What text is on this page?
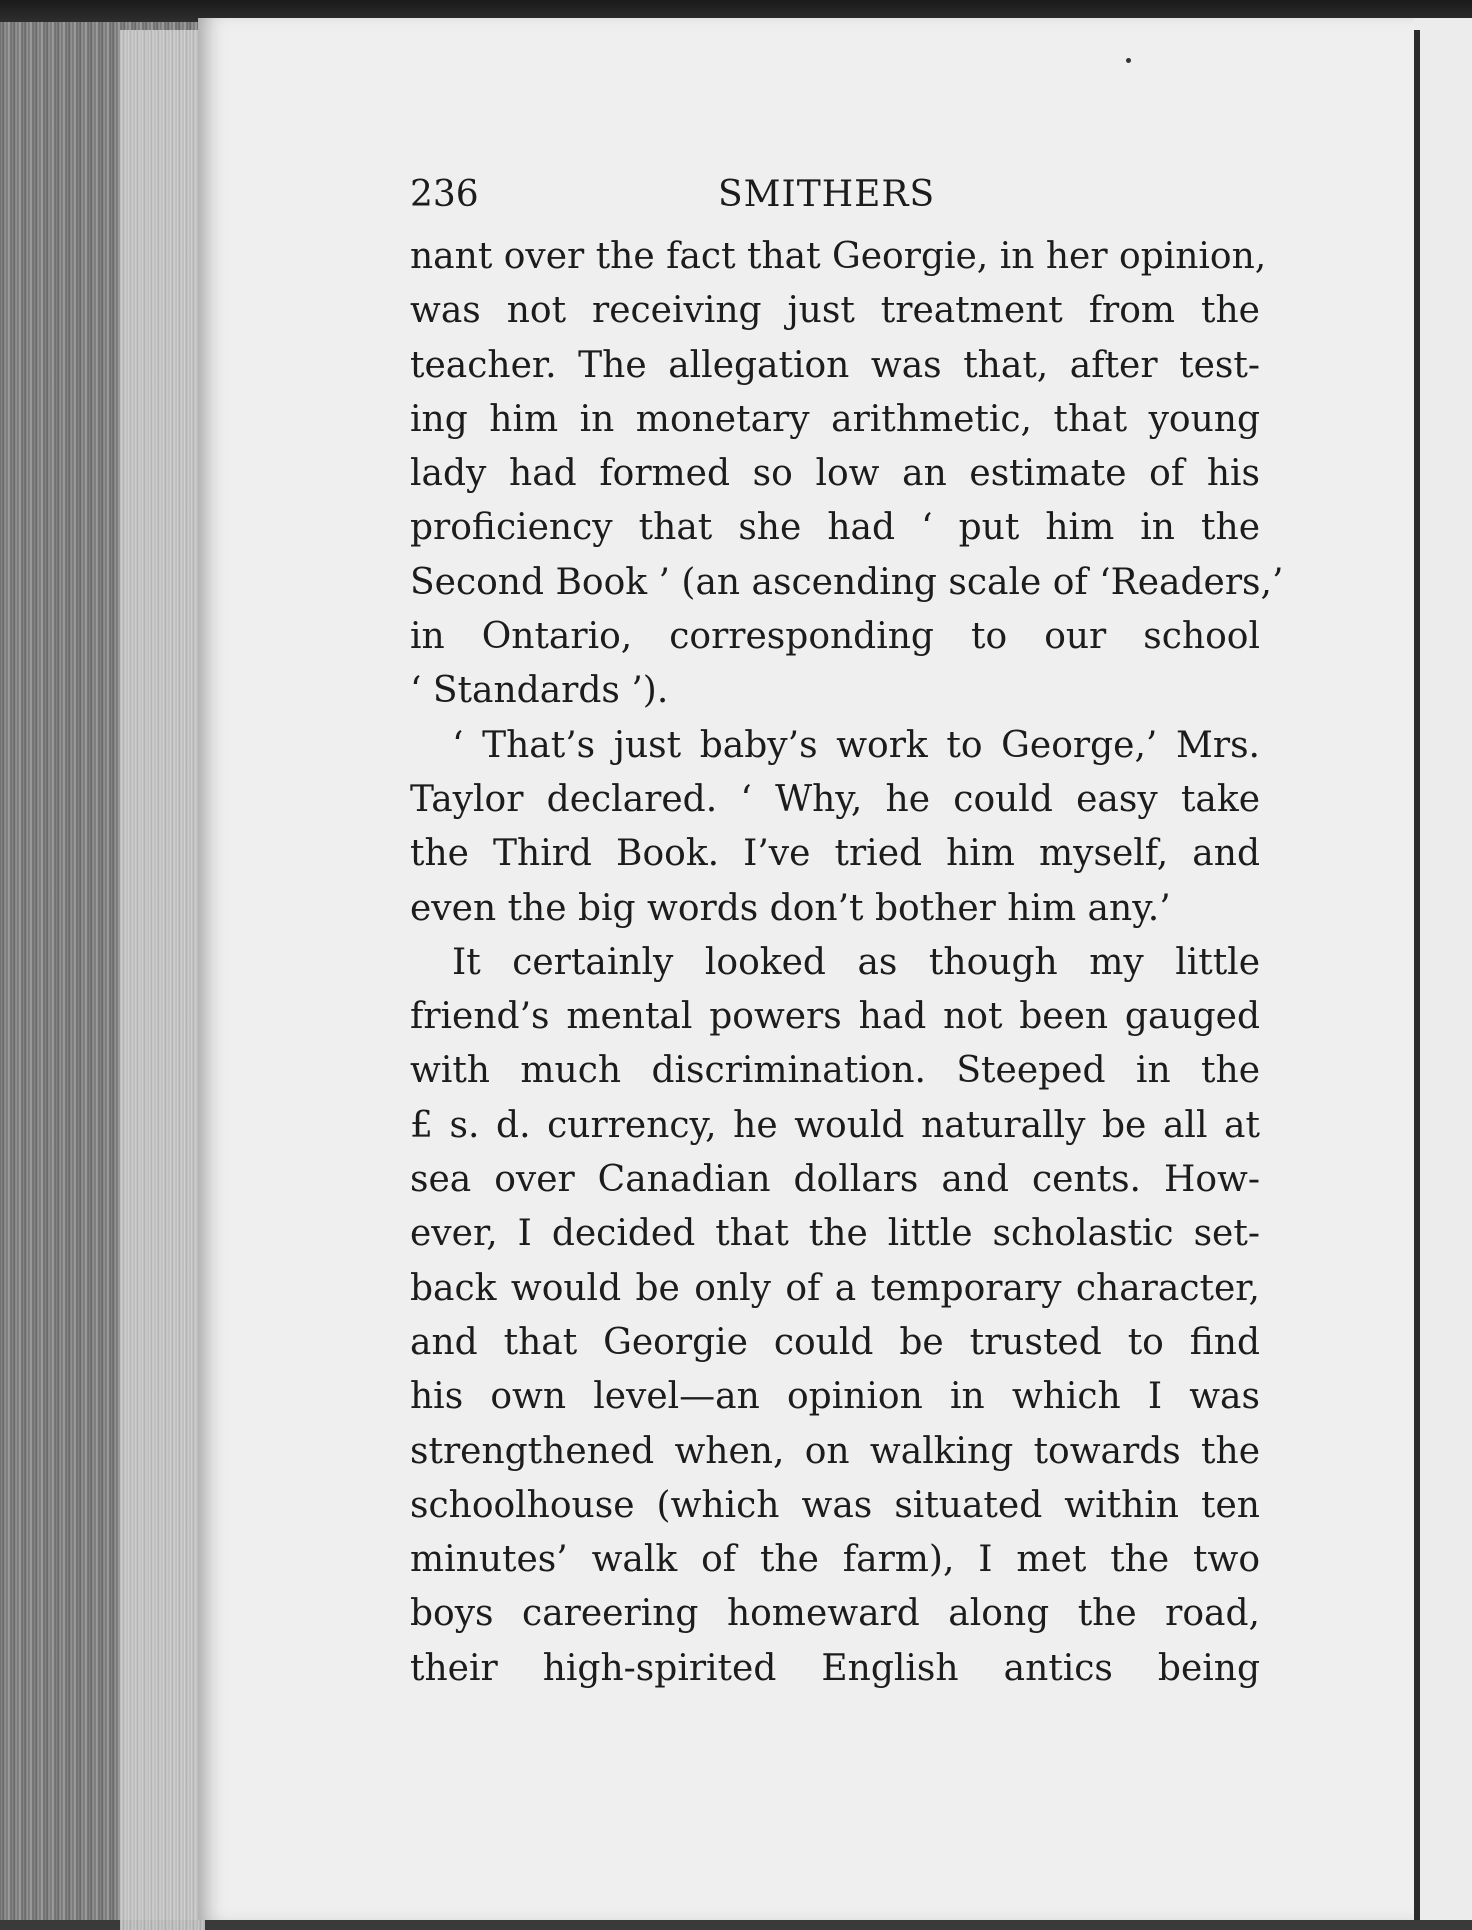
236	SMITHERS
nant over the fact that Georgie, in her opinion,
was not receiving just treatment from the
teacher. The allegation was that, after test-
ing him in monetary arithmetic, that young
lady had formed so low an estimate of his
proficiency that she had ‘ put him in the
Second Book ’ (an ascending scale of ‘Readers,’
in Ontario, corresponding to our school
‘ Standards ’).
‘ That’s just baby’s work to George,’ Mrs.
Taylor declared. ‘ Why, he could easy take
the Third Book. I’ve tried him myself, and
even the big words don’t bother him any.’
It certainly looked as though my little
friend’s mental powers had not been gauged
with much discrimination. Steeped in the
£ s. d. currency, he would naturally be all at
sea over Canadian dollars and cents. How-
ever, I decided that the little scholastic set-
back would be only of a temporary character,
and that Georgie could be trusted to find
his own level—an opinion in which I was
strengthened when, on walking towards the
schoolhouse (which was situated within ten
minutes’ walk of the farm), I met the two
boys careering homeward along the road,
their high-spirited English antics being
